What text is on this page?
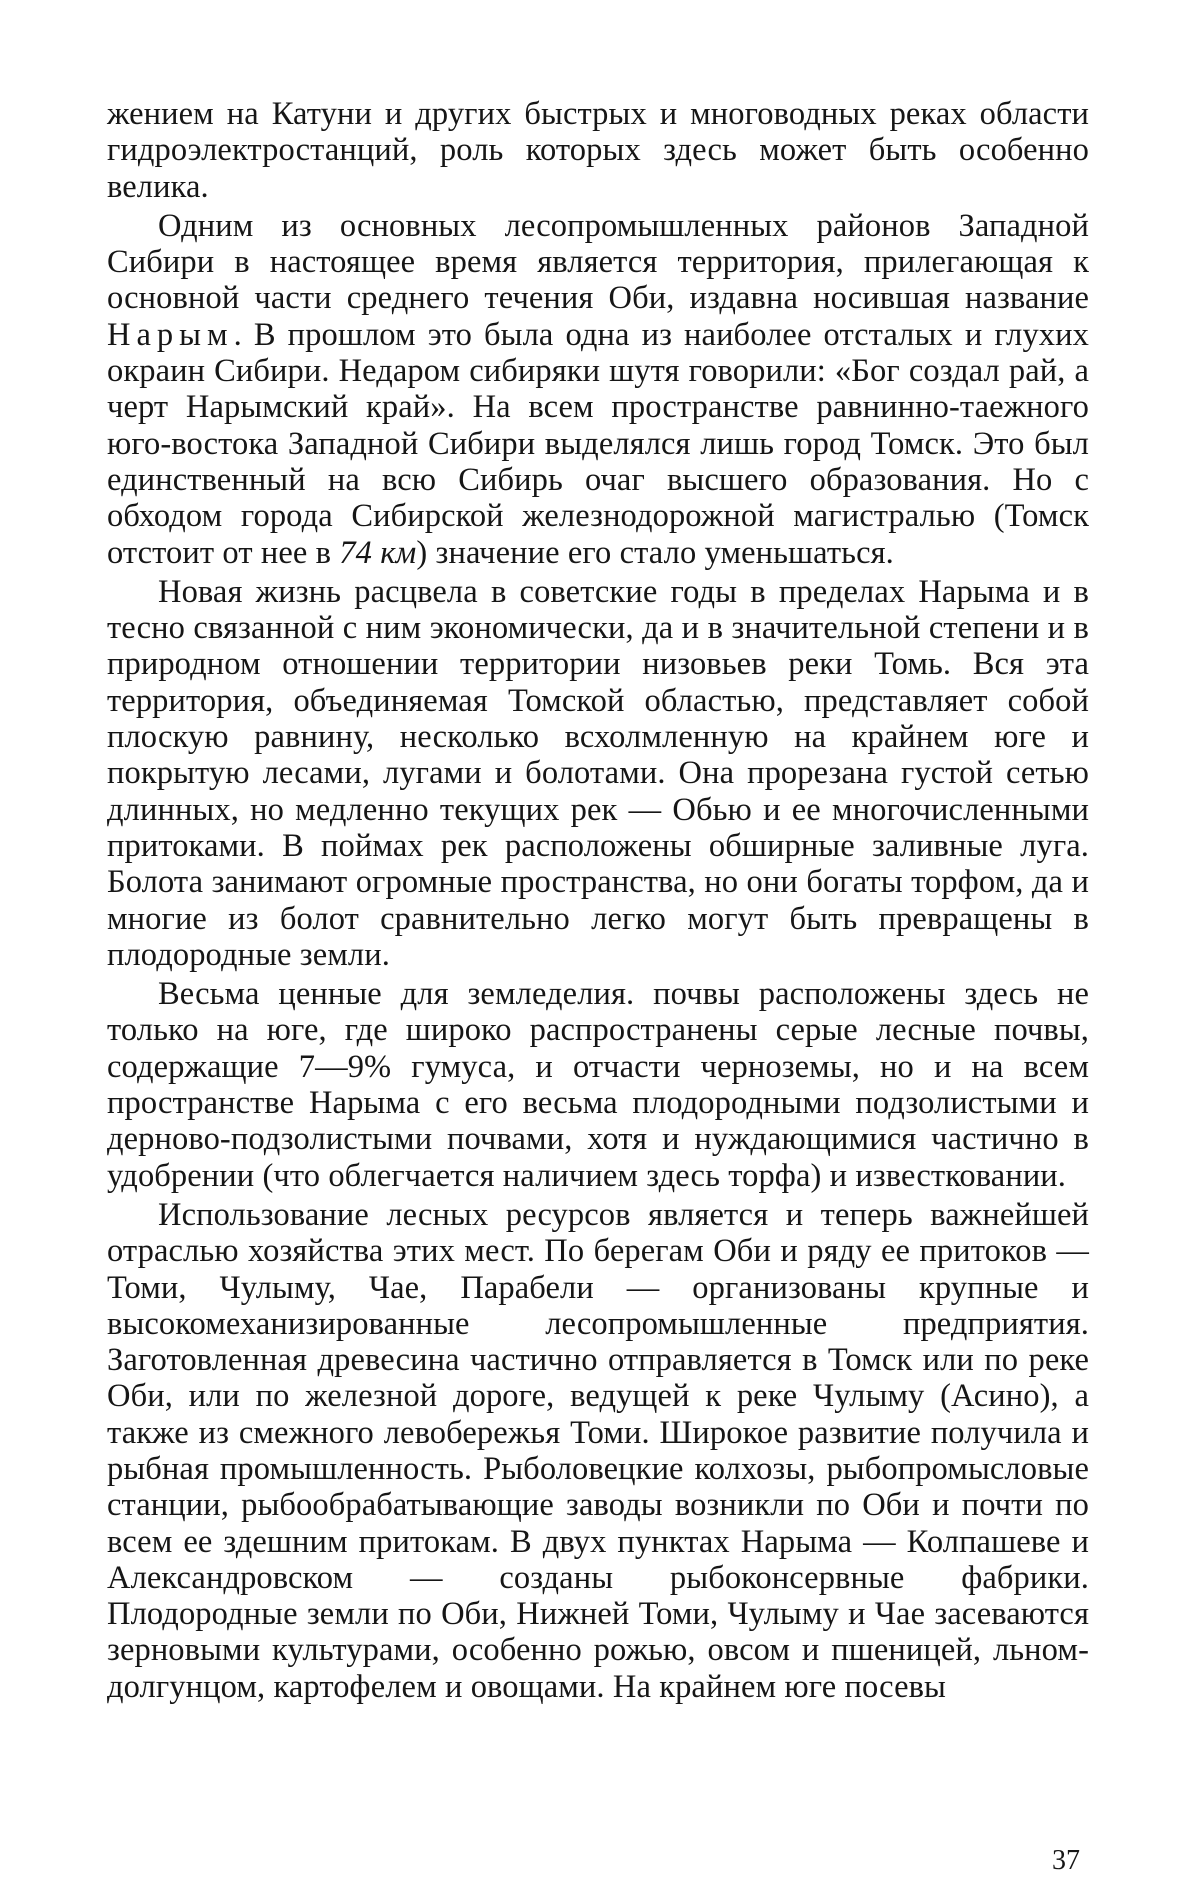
жением на Катуни и других быстрых и многоводных реках области гидроэлектростанций, роль которых здесь может быть особенно велика.

Одним из основных лесопромышленных районов Западной Сибири в настоящее время является территория, прилегающая к основной части среднего течения Оби, издавна носившая название Нарым. В прошлом это была одна из наиболее отсталых и глухих окраин Сибири. Недаром сибиряки шутя говорили: «Бог создал рай, а черт Нарымский край». На всем пространстве равнинно-таежного юго-востока Западной Сибири выделялся лишь город Томск. Это был единственный на всю Сибирь очаг высшего образования. Но с обходом города Сибирской железнодорожной магистралью (Томск отстоит от нее в 74 км) значение его стало уменьшаться.

Новая жизнь расцвела в советские годы в пределах Нарыма и в тесно связанной с ним экономически, да и в значительной степени и в природном отношении территории низовьев реки Томь. Вся эта территория, объединяемая Томской областью, представляет собой плоскую равнину, несколько всхолмленную на крайнем юге и покрытую лесами, лугами и болотами. Она прорезана густой сетью длинных, но медленно текущих рек — Обью и ее многочисленными притоками. В поймах рек расположены обширные заливные луга. Болота занимают огромные пространства, но они богаты торфом, да и многие из болот сравнительно легко могут быть превращены в плодородные земли.

Весьма ценные для земледелия. почвы расположены здесь не только на юге, где широко распространены серые лесные почвы, содержащие 7—9% гумуса, и отчасти черноземы, но и на всем пространстве Нарыма с его весьма плодородными подзолистыми и дерново-подзолистыми почвами, хотя и нуждающимися частично в удобрении (что облегчается наличием здесь торфа) и известковании.

Использование лесных ресурсов является и теперь важнейшей отраслью хозяйства этих мест. По берегам Оби и ряду ее притоков — Томи, Чулыму, Чае, Парабели — организованы крупные и высокомеханизированные лесопромышленные предприятия. Заготовленная древесина частично отправляется в Томск или по реке Оби, или по железной дороге, ведущей к реке Чулыму (Асино), а также из смежного левобережья Томи. Широкое развитие получила и рыбная промышленность. Рыболовецкие колхозы, рыбопромысловые станции, рыбообрабатывающие заводы возникли по Оби и почти по всем ее здешним притокам. В двух пунктах Нарыма — Колпашеве и Александровском — созданы рыбоконсервные фабрики. Плодородные земли по Оби, Нижней Томи, Чулыму и Чае засеваются зерновыми культурами, особенно рожью, овсом и пшеницей, льном-долгунцом, картофелем и овощами. На крайнем юге посевы

37
